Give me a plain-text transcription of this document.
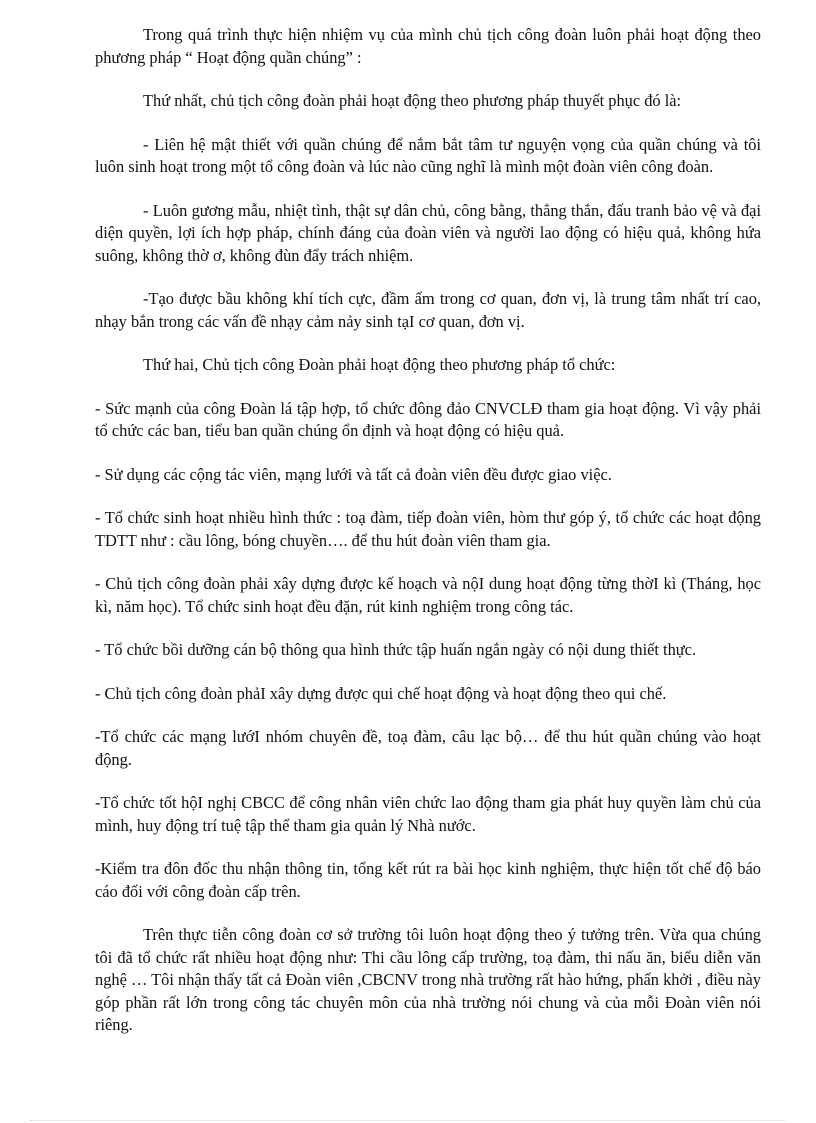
Trong quá trình thực hiện nhiệm vụ của mình chủ tịch công đoàn luôn phải hoạt động theo phương pháp “ Hoạt động quần chúng” :

Thứ nhất, chủ tịch công đoàn phải hoạt động theo phương pháp thuyết phục đó là:

- Liên hệ mật thiết với quần chúng để nắm bắt tâm tư nguyện vọng của quần chúng và tôi luôn sinh hoạt trong một tổ công đoàn và lúc nào cũng nghĩ là mình một đoàn viên công đoàn.

- Luôn gương mẫu, nhiệt tình, thật sự dân chủ, công bằng, thẳng thắn, đấu tranh bảo vệ và đại diện quyền, lợi ích hợp pháp, chính đáng của đoàn viên và người lao động có hiệu quả, không hứa suông, không thờ ơ, không đùn đẩy trách nhiệm.

-Tạo được bầu không khí tích cực, đầm ấm trong cơ quan, đơn vị, là trung tâm nhất trí cao, nhạy bắn trong các vấn đề nhạy cảm nảy sinh tạI cơ quan, đơn vị.

Thứ hai, Chủ tịch công Đoàn phải hoạt động theo phương pháp tổ chức:

- Sức mạnh của công Đoàn lá tập hợp, tổ chức đông đảo CNVCLĐ tham gia hoạt động. Vì vậy phải tổ chức các ban, tiểu ban quần chúng ổn định và hoạt động có hiệu quả.

- Sử dụng các cộng tác viên, mạng lưới và tất cả đoàn viên đều được giao việc.

- Tổ chức sinh hoạt nhiều hình thức : toạ đàm, tiếp đoàn viên, hòm thư góp ý, tổ chức các hoạt động TDTT như : cầu lông, bóng chuyền…. để thu hút đoàn viên tham gia.

- Chủ tịch công đoàn phải xây dựng được kế hoạch và nộI dung hoạt động từng thờI kì (Tháng, học kì, năm học). Tổ chức sinh hoạt đều đặn, rút kinh nghiệm trong công tác.

- Tổ chức bồi dưỡng cán bộ thông qua hình thức tập huấn ngắn ngày có nội dung thiết thực.

- Chủ tịch công đoàn phảI xây dựng được qui chế hoạt động và hoạt động theo qui chế.

-Tổ chức các mạng lướI nhóm chuyên đề, toạ đàm, câu lạc bộ… để thu hút quần chúng vào hoạt động.

-Tổ chức tốt hộI nghị CBCC để công nhân viên chức lao động tham gia phát huy quyền làm chủ của mình, huy động trí tuệ tập thể tham gia quản lý Nhà nước.

-Kiểm tra đôn đốc thu nhận thông tin, tổng kết rút ra bài học kinh nghiệm, thực hiện tốt chế độ báo cáo đối với công đoàn cấp trên.

Trên thực tiễn công đoàn cơ sở trường tôi luôn hoạt động theo ý tưởng trên. Vừa qua chúng tôi đã tổ chức rất nhiều hoạt động như: Thi cầu lông cấp trường, toạ đàm, thi nấu ăn, biểu diễn văn nghệ … Tôi nhận thấy tất cả Đoàn viên ,CBCNV trong nhà trường rất hào hứng, phấn khởi , điều này góp phần rất lớn trong công tác chuyên môn của nhà trường nói chung và của mỗi Đoàn viên nói riêng.
